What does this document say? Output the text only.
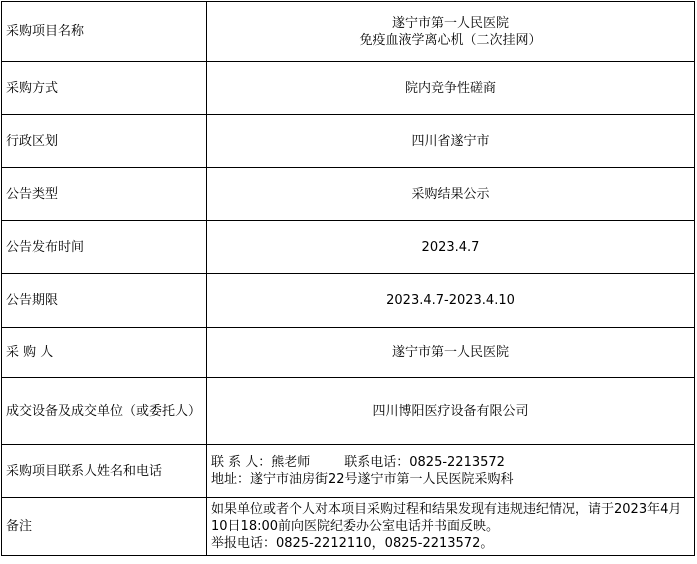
采购项目名称	遂宁市第一人民医院
免疫血液学离心机（二次挂网）

采购方式	院内竞争性磋商
行政区划	四川省遂宁市
公告类型	采购结果公示
公告发布时间	2023.4.7
公告期限	2023.4.7-2023.4.10
采 购 人	遂宁市第一人民医院
成交设备及成交单位（或委托人）	四川博阳医疗设备有限公司
采购项目联系人姓名和电话	联 系 人：熊老师 联系电话：0825-2213572
地址：遂宁市油房街22号遂宁市第一人民医院采购科

备注	如果单位或者个人对本项目采购过程和结果发现有违规违纪情况，请于2023年4月10日18:00前向医院纪委办公室电话并书面反映。
举报电话：0825-2212110，0825-2213572。
